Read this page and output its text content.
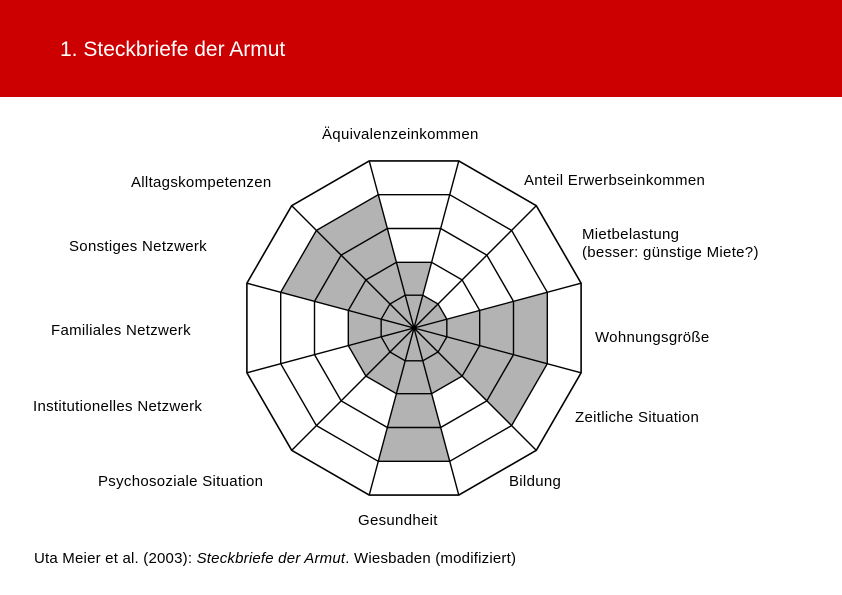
1. Steckbriefe der Armut
Äquivalenzeinkommen
Anteil Erwerbseinkommen
Mietbelastung
(besser: günstige Miete?)
Wohnungsgröße
Zeitliche Situation
Bildung
Gesundheit
Psychosoziale Situation
Institutionelles Netzwerk
Familiales Netzwerk
Sonstiges Netzwerk
Alltagskompetenzen
Uta Meier et al. (2003): Steckbriefe der Armut. Wiesbaden (modifiziert)
